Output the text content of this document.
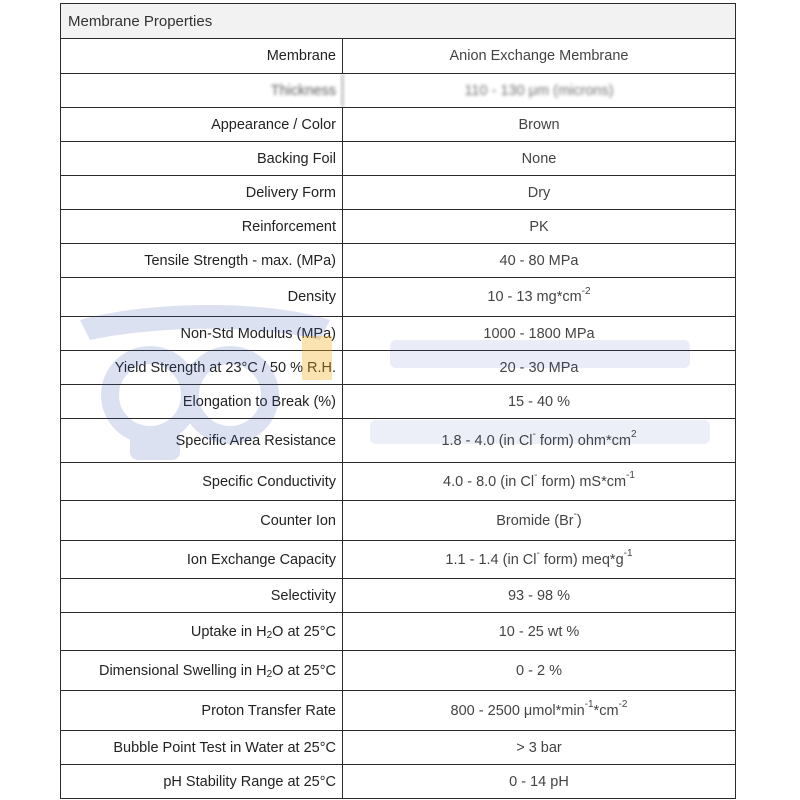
Membrane Properties
Membrane	Anion Exchange Membrane
Thickness	110 - 130 μm (microns)
Appearance / Color	Brown
Backing Foil	None
Delivery Form	Dry
Reinforcement	PK
Tensile Strength - max. (MPa)	40 - 80 MPa
Density	10 - 13 mg*cm -2
Non-Std Modulus (MPa)	1000 - 1800 MPa
Yield Strength at 23°C / 50 % R.H.	20 - 30 MPa
Elongation to Break (%)	15 - 40 %
Specific Area Resistance	1.8 - 4.0 (in Cl - form) ohm*cm 2
Specific Conductivity	4.0 - 8.0 (in Cl - form) mS*cm -1
Counter Ion	Bromide (Br - )
Ion Exchange Capacity	1.1 - 1.4 (in Cl - form) meq*g -1
Selectivity	93 - 98 %
Uptake in H 2 O at 25°C	10 - 25 wt %
Dimensional Swelling in H 2 O at 25°C	0 - 2 %
Proton Transfer Rate	800 - 2500 μmol*min -1 *cm -2
Bubble Point Test in Water at 25°C	> 3 bar
pH Stability Range at 25°C	0 - 14 pH
